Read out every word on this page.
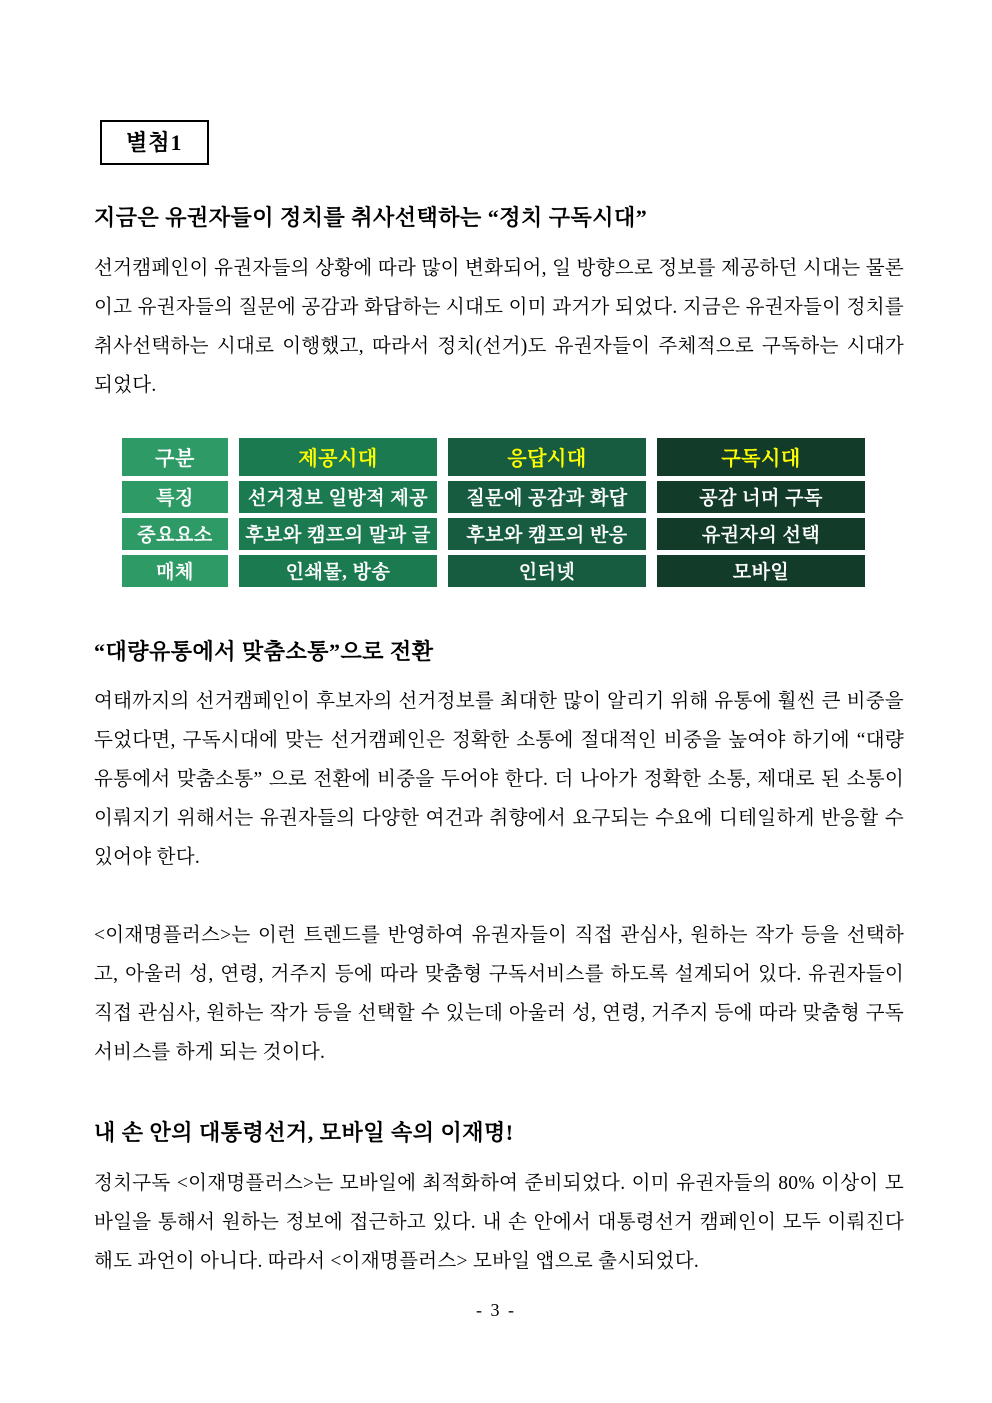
별첨1
지금은 유권자들이 정치를 취사선택하는 “정치 구독시대”
선거캠페인이 유권자들의 상황에 따라 많이 변화되어, 일 방향으로 정보를 제공하던 시대는 물론이고 유권자들의 질문에 공감과 화답하는 시대도 이미 과거가 되었다. 지금은 유권자들이 정치를 취사선택하는 시대로 이행했고, 따라서 정치(선거)도 유권자들이 주체적으로 구독하는 시대가 되었다.
구분	제공시대	응답시대	구독시대
특징	선거정보 일방적 제공	질문에 공감과 화답	공감 너머 구독
중요요소	후보와 캠프의 말과 글	후보와 캠프의 반응	유권자의 선택
매체	인쇄물, 방송	인터넷	모바일
“대량유통에서 맞춤소통”으로 전환
여태까지의 선거캠페인이 후보자의 선거정보를 최대한 많이 알리기 위해 유통에 훨씬 큰 비중을 두었다면, 구독시대에 맞는 선거캠페인은 정확한 소통에 절대적인 비중을 높여야 하기에 “대량유통에서 맞춤소통” 으로 전환에 비중을 두어야 한다. 더 나아가 정확한 소통, 제대로 된 소통이 이뤄지기 위해서는 유권자들의 다양한 여건과 취향에서 요구되는 수요에 디테일하게 반응할 수 있어야 한다.
<이재명플러스>는 이런 트렌드를 반영하여 유권자들이 직접 관심사, 원하는 작가 등을 선택하고, 아울러 성, 연령, 거주지 등에 따라 맞춤형 구독서비스를 하도록 설계되어 있다. 유권자들이 직접 관심사, 원하는 작가 등을 선택할 수 있는데 아울러 성, 연령, 거주지 등에 따라 맞춤형 구독서비스를 하게 되는 것이다.
내 손 안의 대통령선거, 모바일 속의 이재명!
정치구독 <이재명플러스>는 모바일에 최적화하여 준비되었다. 이미 유권자들의 80% 이상이 모바일을 통해서 원하는 정보에 접근하고 있다. 내 손 안에서 대통령선거 캠페인이 모두 이뤄진다 해도 과언이 아니다. 따라서 <이재명플러스> 모바일 앱으로 출시되었다.
- 3 -
